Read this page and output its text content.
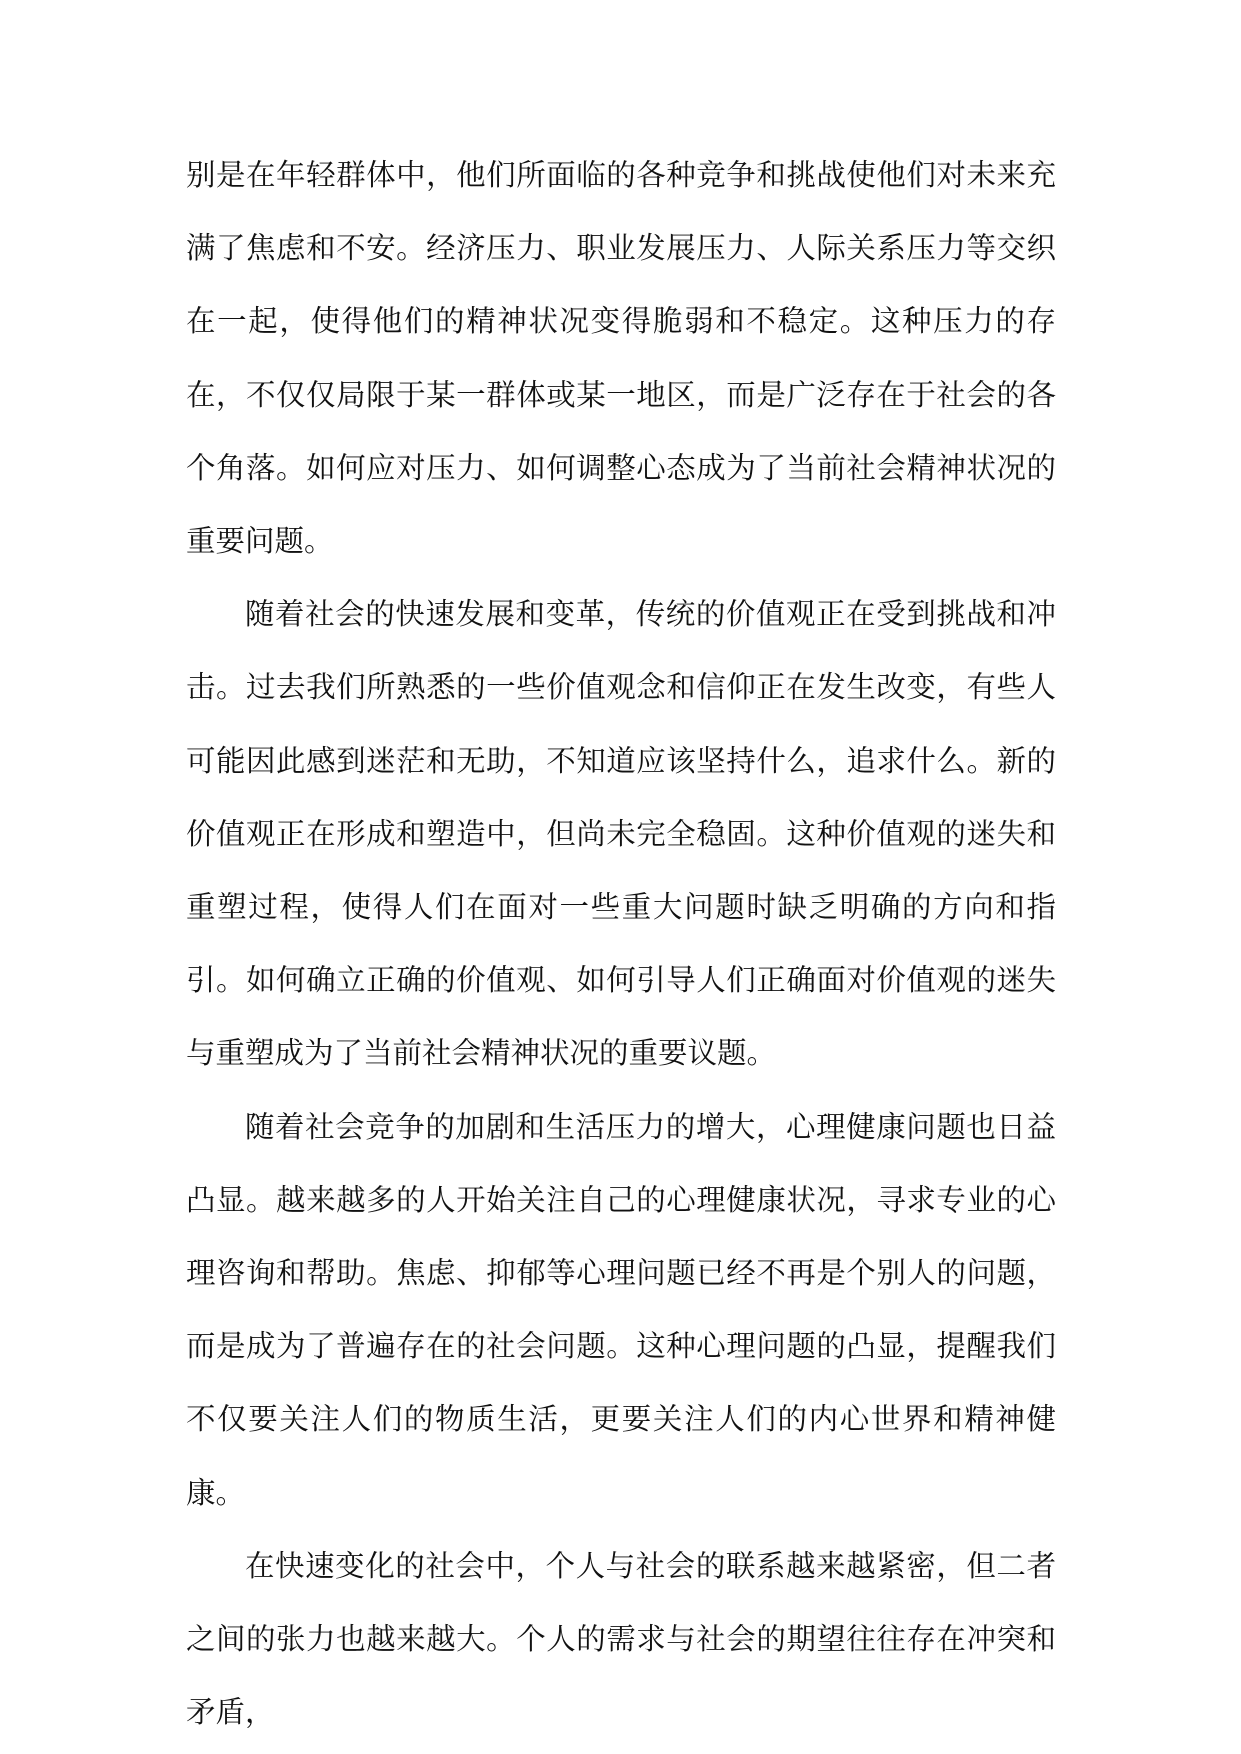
别是在年轻群体中，他们所面临的各种竞争和挑战使他们对未来充满了焦虑和不安。经济压力、职业发展压力、人际关系压力等交织在一起，使得他们的精神状况变得脆弱和不稳定。这种压力的存在，不仅仅局限于某一群体或某一地区，而是广泛存在于社会的各个角落。如何应对压力、如何调整心态成为了当前社会精神状况的重要问题。

随着社会的快速发展和变革，传统的价值观正在受到挑战和冲击。过去我们所熟悉的一些价值观念和信仰正在发生改变，有些人可能因此感到迷茫和无助，不知道应该坚持什么，追求什么。新的价值观正在形成和塑造中，但尚未完全稳固。这种价值观的迷失和重塑过程，使得人们在面对一些重大问题时缺乏明确的方向和指引。如何确立正确的价值观、如何引导人们正确面对价值观的迷失与重塑成为了当前社会精神状况的重要议题。

随着社会竞争的加剧和生活压力的增大，心理健康问题也日益凸显。越来越多的人开始关注自己的心理健康状况，寻求专业的心理咨询和帮助。焦虑、抑郁等心理问题已经不再是个别人的问题，而是成为了普遍存在的社会问题。这种心理问题的凸显，提醒我们不仅要关注人们的物质生活，更要关注人们的内心世界和精神健康。

在快速变化的社会中，个人与社会的联系越来越紧密，但二者之间的张力也越来越大。个人的需求与社会的期望往往存在冲突和矛盾，
